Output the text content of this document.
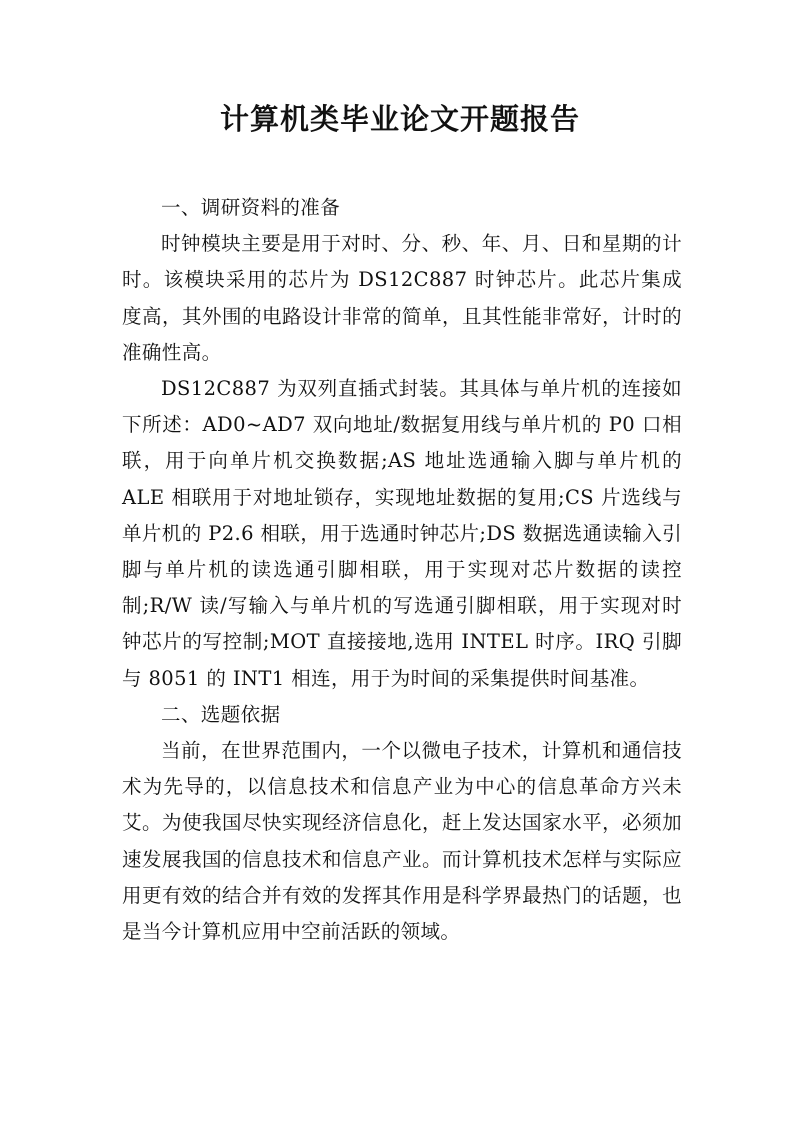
计算机类毕业论文开题报告
一、调研资料的准备

时钟模块主要是用于对时、分、秒、年、月、日和星期的计时。该模块采用的芯片为 DS12C887 时钟芯片。此芯片集成度高，其外围的电路设计非常的简单，且其性能非常好，计时的准确性高。

DS12C887 为双列直插式封装。其具体与单片机的连接如下所述：AD0~AD7 双向地址/数据复用线与单片机的 P0 口相联，用于向单片机交换数据;AS 地址选通输入脚与单片机的 ALE 相联用于对地址锁存，实现地址数据的复用;CS 片选线与单片机的 P2.6 相联，用于选通时钟芯片;DS 数据选通读输入引脚与单片机的读选通引脚相联，用于实现对芯片数据的读控制;R/W 读/写输入与单片机的写选通引脚相联，用于实现对时钟芯片的写控制;MOT 直接接地,选用 INTEL 时序。IRQ 引脚与 8051 的 INT1 相连，用于为时间的采集提供时间基准。

二、选题依据

当前，在世界范围内，一个以微电子技术，计算机和通信技术为先导的，以信息技术和信息产业为中心的信息革命方兴未艾。为使我国尽快实现经济信息化，赶上发达国家水平，必须加速发展我国的信息技术和信息产业。而计算机技术怎样与实际应用更有效的结合并有效的发挥其作用是科学界最热门的话题，也是当今计算机应用中空前活跃的领域。
